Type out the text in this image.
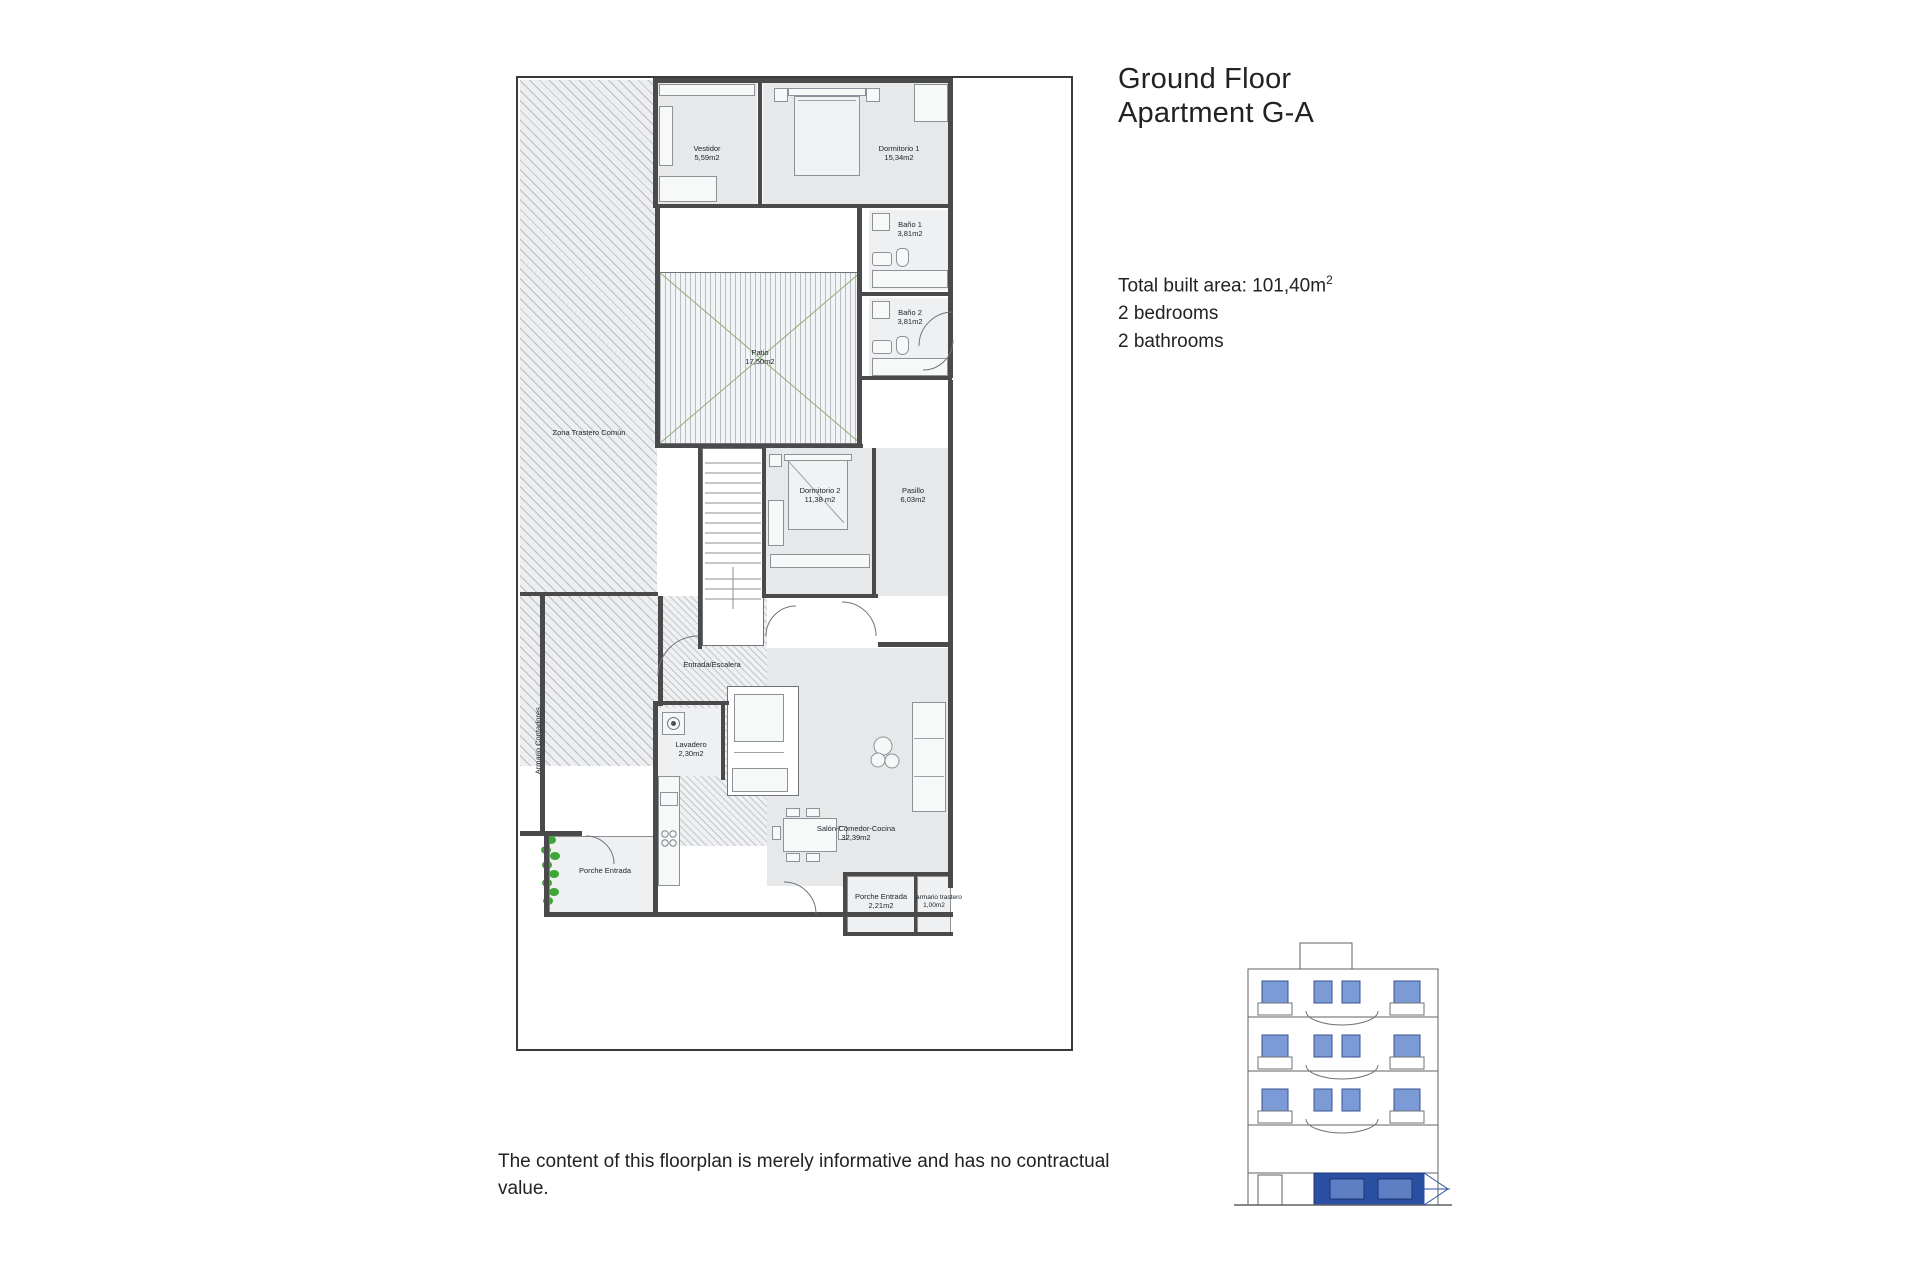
Ground Floor
Apartment G-A
Total built area: $101,40m^2$
2 bedrooms
2 bathrooms
The content of this floorplan is merely informative and has no contractual value.
Vestidor
5,59m2
Dormitorio 1
15,34m2
Baño 1
3,81m2
Baño 2
3,81m2
Patio
17,50m2
Zona Trastero Común
Dormitorio 2
11,38 m2
Pasillo
6,03m2
Entrada/Escalera
Lavadero
2,30m2
Salón-Comedor-Cocina
32,39m2
Porche Entrada
Porche Entrada
2,21m2
armario trastero
1,00m2
Armario Contadores
